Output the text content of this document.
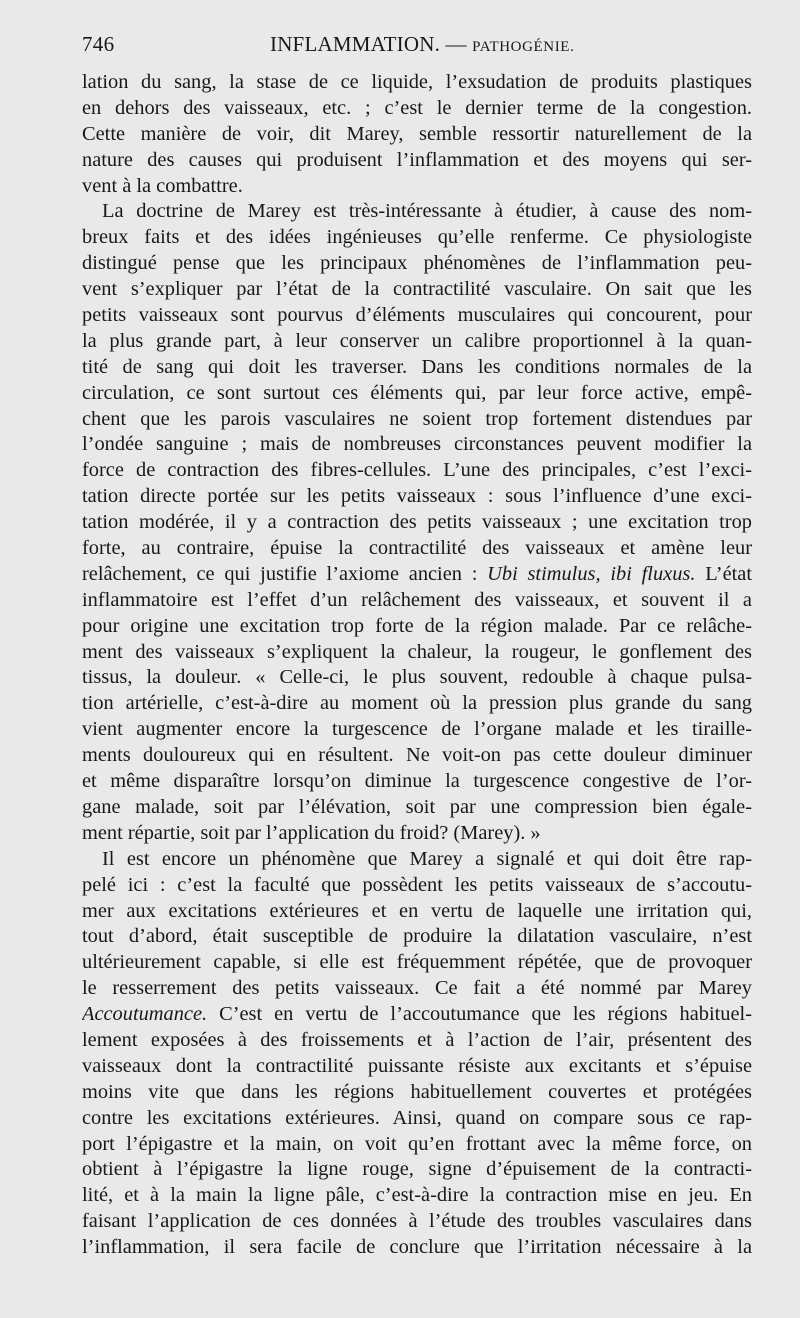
746	INFLAMMATION. — PATHOGÉNIE.
lation du sang, la stase de ce liquide, l’exsudation de produits plastiques
en dehors des vaisseaux, etc. ; c’est le dernier terme de la congestion.
Cette manière de voir, dit Marey, semble ressortir naturellement de la
nature des causes qui produisent l’inflammation et des moyens qui ser-
vent à la combattre.
La doctrine de Marey est très-intéressante à étudier, à cause des nom-
breux faits et des idées ingénieuses qu’elle renferme. Ce physiologiste
distingué pense que les principaux phénomènes de l’inflammation peu-
vent s’expliquer par l’état de la contractilité vasculaire. On sait que les
petits vaisseaux sont pourvus d’éléments musculaires qui concourent, pour
la plus grande part, à leur conserver un calibre proportionnel à la quan-
tité de sang qui doit les traverser. Dans les conditions normales de la
circulation, ce sont surtout ces éléments qui, par leur force active, empê-
chent que les parois vasculaires ne soient trop fortement distendues par
l’ondée sanguine ; mais de nombreuses circonstances peuvent modifier la
force de contraction des fibres-cellules. L’une des principales, c’est l’exci-
tation directe portée sur les petits vaisseaux : sous l’influence d’une exci-
tation modérée, il y a contraction des petits vaisseaux ; une excitation trop
forte, au contraire, épuise la contractilité des vaisseaux et amène leur
relâchement, ce qui justifie l’axiome ancien : Ubi stimulus, ibi fluxus. L’état
inflammatoire est l’effet d’un relâchement des vaisseaux, et souvent il a
pour origine une excitation trop forte de la région malade. Par ce relâche-
ment des vaisseaux s’expliquent la chaleur, la rougeur, le gonflement des
tissus, la douleur. « Celle-ci, le plus souvent, redouble à chaque pulsa-
tion artérielle, c’est-à-dire au moment où la pression plus grande du sang
vient augmenter encore la turgescence de l’organe malade et les tiraille-
ments douloureux qui en résultent. Ne voit-on pas cette douleur diminuer
et même disparaître lorsqu’on diminue la turgescence congestive de l’or-
gane malade, soit par l’élévation, soit par une compression bien égale-
ment répartie, soit par l’application du froid? (Marey). »
Il est encore un phénomène que Marey a signalé et qui doit être rap-
pelé ici : c’est la faculté que possèdent les petits vaisseaux de s’accoutu-
mer aux excitations extérieures et en vertu de laquelle une irritation qui,
tout d’abord, était susceptible de produire la dilatation vasculaire, n’est
ultérieurement capable, si elle est fréquemment répétée, que de provoquer
le resserrement des petits vaisseaux. Ce fait a été nommé par Marey
Accoutumance. C’est en vertu de l’accoutumance que les régions habituel-
lement exposées à des froissements et à l’action de l’air, présentent des
vaisseaux dont la contractilité puissante résiste aux excitants et s’épuise
moins vite que dans les régions habituellement couvertes et protégées
contre les excitations extérieures. Ainsi, quand on compare sous ce rap-
port l’épigastre et la main, on voit qu’en frottant avec la même force, on
obtient à l’épigastre la ligne rouge, signe d’épuisement de la contracti-
lité, et à la main la ligne pâle, c’est-à-dire la contraction mise en jeu. En
faisant l’application de ces données à l’étude des troubles vasculaires dans
l’inflammation, il sera facile de conclure que l’irritation nécessaire à la
